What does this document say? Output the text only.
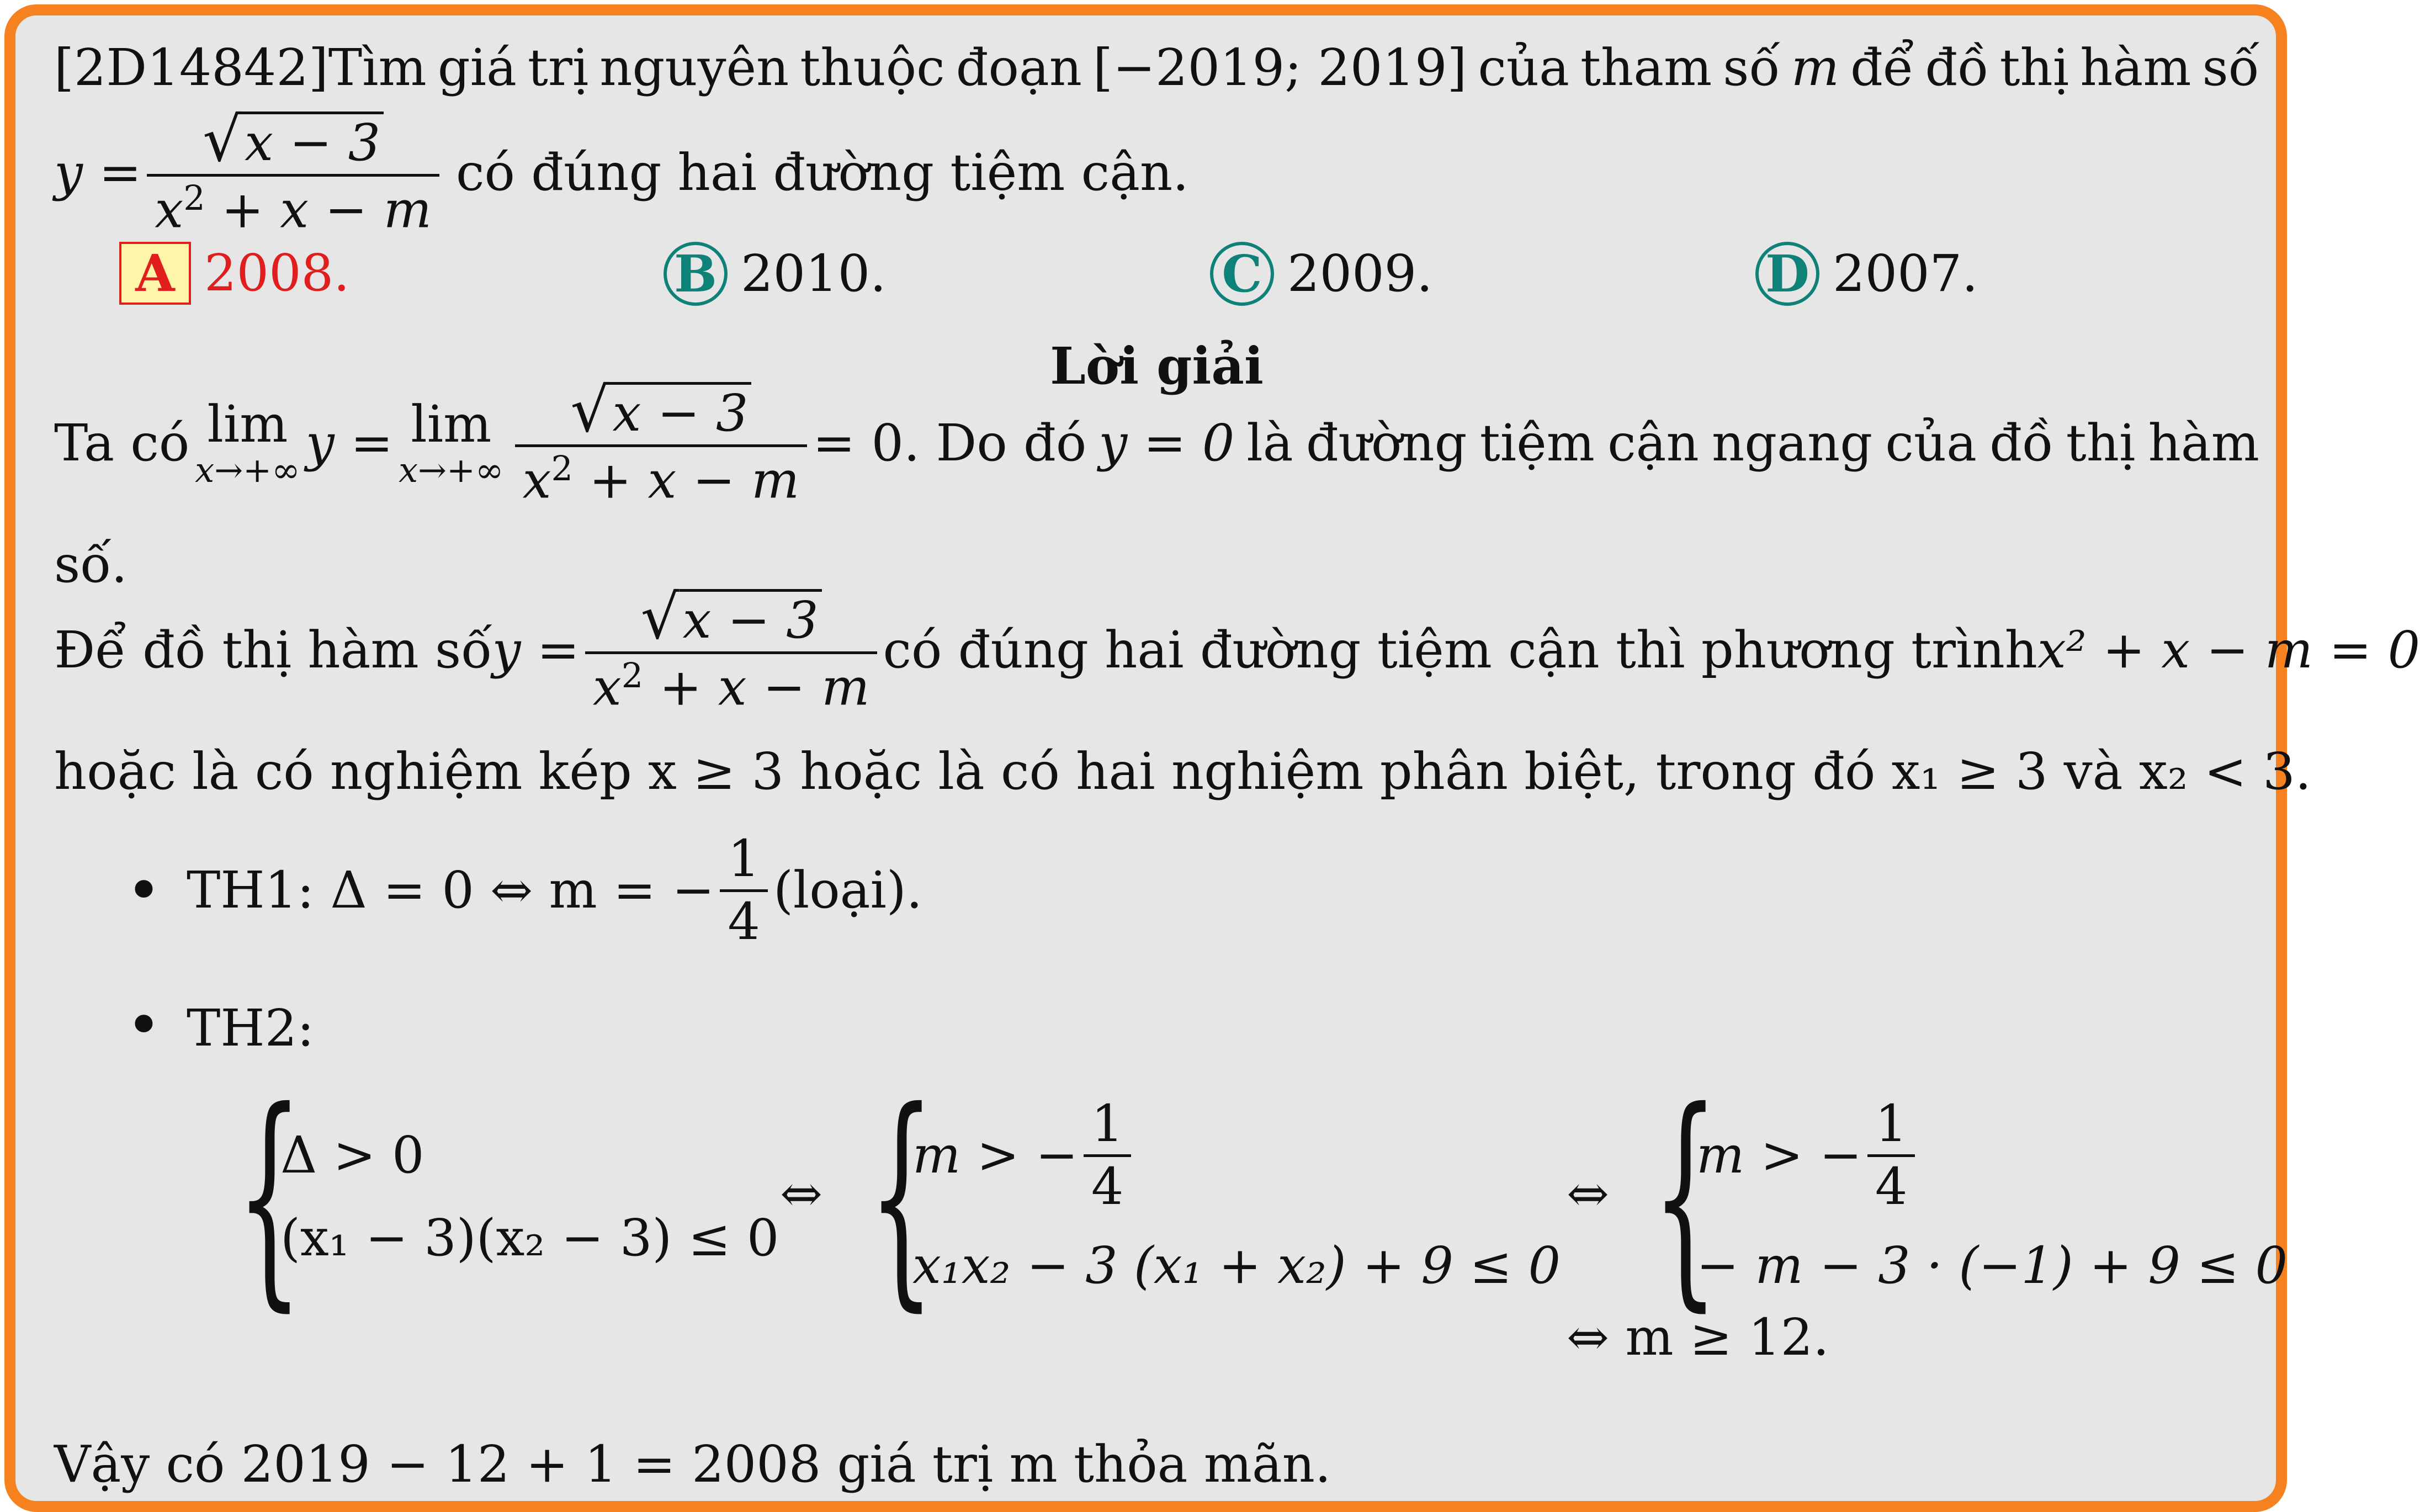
[2D14842]Tìm giá trị nguyên thuộc đoạn [−2019; 2019] của tham số m để đồ thị hàm số
$y = \frac{√ x - 3}{x^2 + x - m}$ có đúng hai đường tiệm cận.
A 2008.	B 2010.	C 2009.	D 2007.
Lời giải
Ta có lim
x→+∞ y = lim
$x\to+\infty \frac{√ x - 3}{x^2 + x - m} = 0$. Do đó y = 0 là đường tiệm cận ngang của đồ thị hàm
số.
Để đồ thị hàm số $y = \frac{√ x - 3}{x^2 + x - m}$ có đúng hai đường tiệm cận thì phương trình x² + x − m = 0
hoặc là có nghiệm kép x ≥ 3 hoặc là có hai nghiệm phân biệt, trong đó x₁ ≥ 3 và x₂ < 3.
• TH1: Δ = 0 ⇔ m = − $\frac{1}{4}$ (loại).
• TH2:
{
Δ > 0
(x₁ − 3)(x₂ − 3) ≤ 0
⇔ {
m > − $\frac{1}{4}$
x₁x₂ − 3 (x₁ + x₂) + 9 ≤ 0
⇔ {
m > − $\frac{1}{4}$
− m − 3 · (−1) + 9 ≤ 0
⇔ m ≥ 12.
Vậy có 2019 − 12 + 1 = 2008 giá trị m thỏa mãn.
